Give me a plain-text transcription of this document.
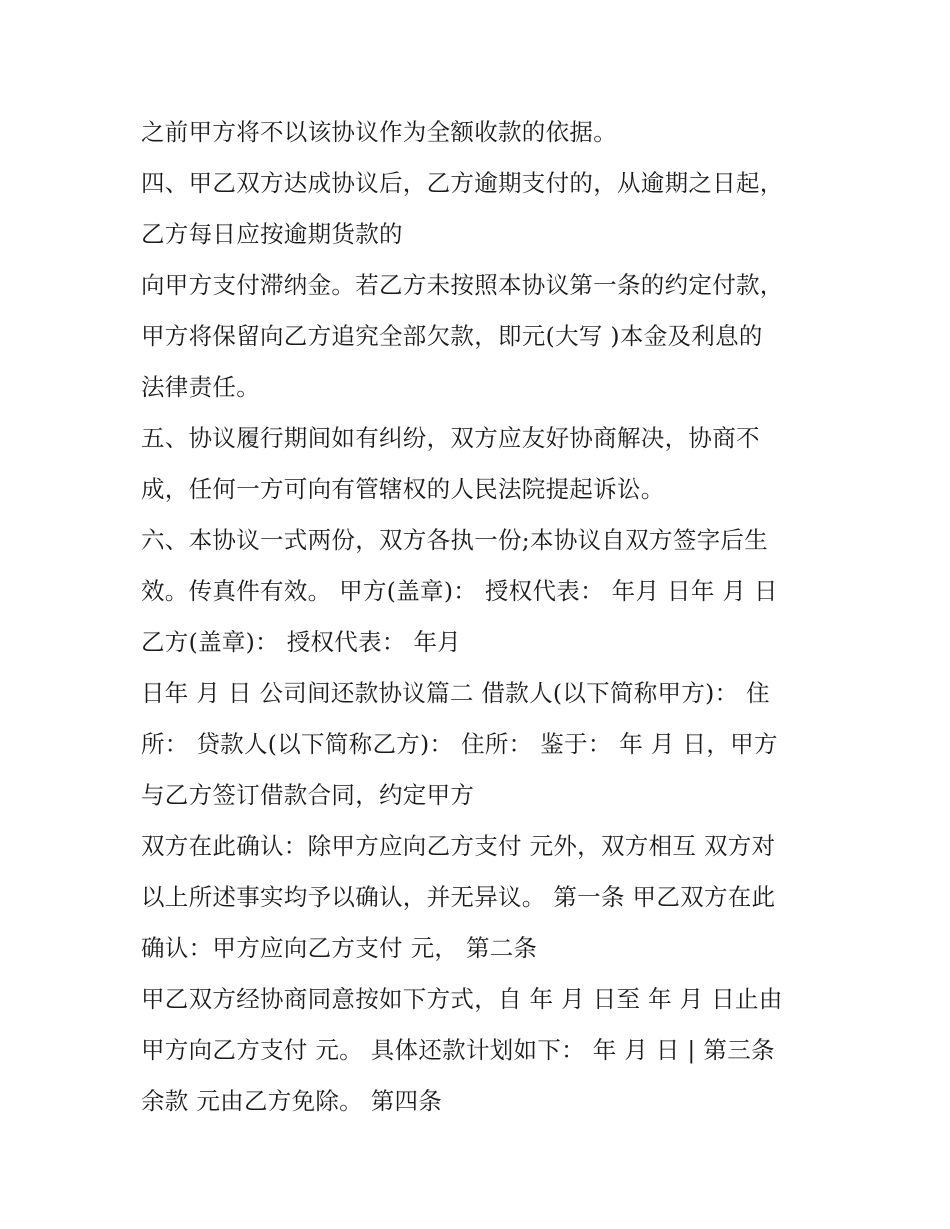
之前甲方将不以该协议作为全额收款的依据。
四、甲乙双方达成协议后，乙方逾期支付的，从逾期之日起，
乙方每日应按逾期货款的
向甲方支付滞纳金。若乙方未按照本协议第一条的约定付款，
甲方将保留向乙方追究全部欠款，即元(大写 )本金及利息的
法律责任。
五、协议履行期间如有纠纷，双方应友好协商解决，协商不
成，任何一方可向有管辖权的人民法院提起诉讼。
六、本协议一式两份，双方各执一份;本协议自双方签字后生
效。传真件有效。 甲方(盖章)： 授权代表： 年月 日年 月 日
乙方(盖章)： 授权代表： 年月
日年 月 日 公司间还款协议篇二 借款人(以下简称甲方)： 住
所： 贷款人(以下简称乙方)： 住所： 鉴于： 年 月 日，甲方
与乙方签订借款合同，约定甲方
双方在此确认：除甲方应向乙方支付 元外，双方相互 双方对
以上所述事实均予以确认，并无异议。 第一条 甲乙双方在此
确认：甲方应向乙方支付 元， 第二条
甲乙双方经协商同意按如下方式，自 年 月 日至 年 月 日止由
甲方向乙方支付 元。 具体还款计划如下： 年 月 日 | 第三条
余款 元由乙方免除。 第四条
